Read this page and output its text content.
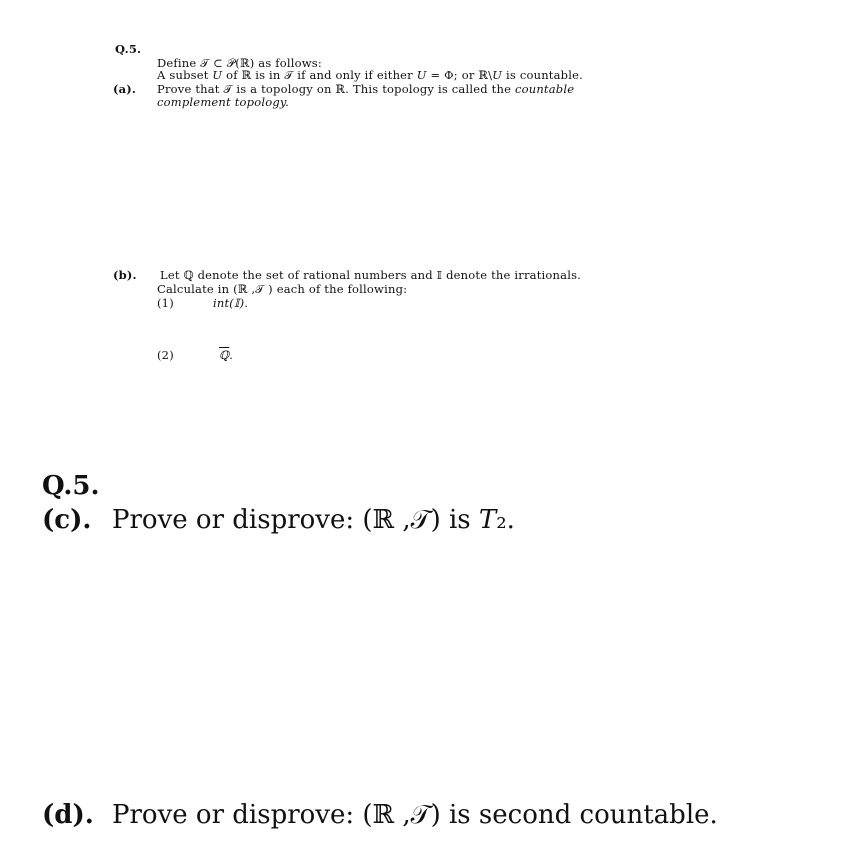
Q.5.
Define 𝒯 ⊂ 𝒫(ℝ) as follows:
A subset 𝑈 of ℝ is in 𝒯 if and only if either 𝑈 = Φ; or ℝ\𝑈 is countable.
(a). Prove that 𝒯 is a topology on ℝ. This topology is called the countable
complement topology.
(b). Let ℚ denote the set of rational numbers and 𝕀 denote the irrationals.
Calculate in (ℝ ,𝒯 ) each of the following:
(1)	int(𝕀).
(2)	ℚ.
Q.5.
(c). Prove or disprove: (ℝ ,𝒯) is 𝑇₂.
(d). Prove or disprove: (ℝ ,𝒯) is second countable.
